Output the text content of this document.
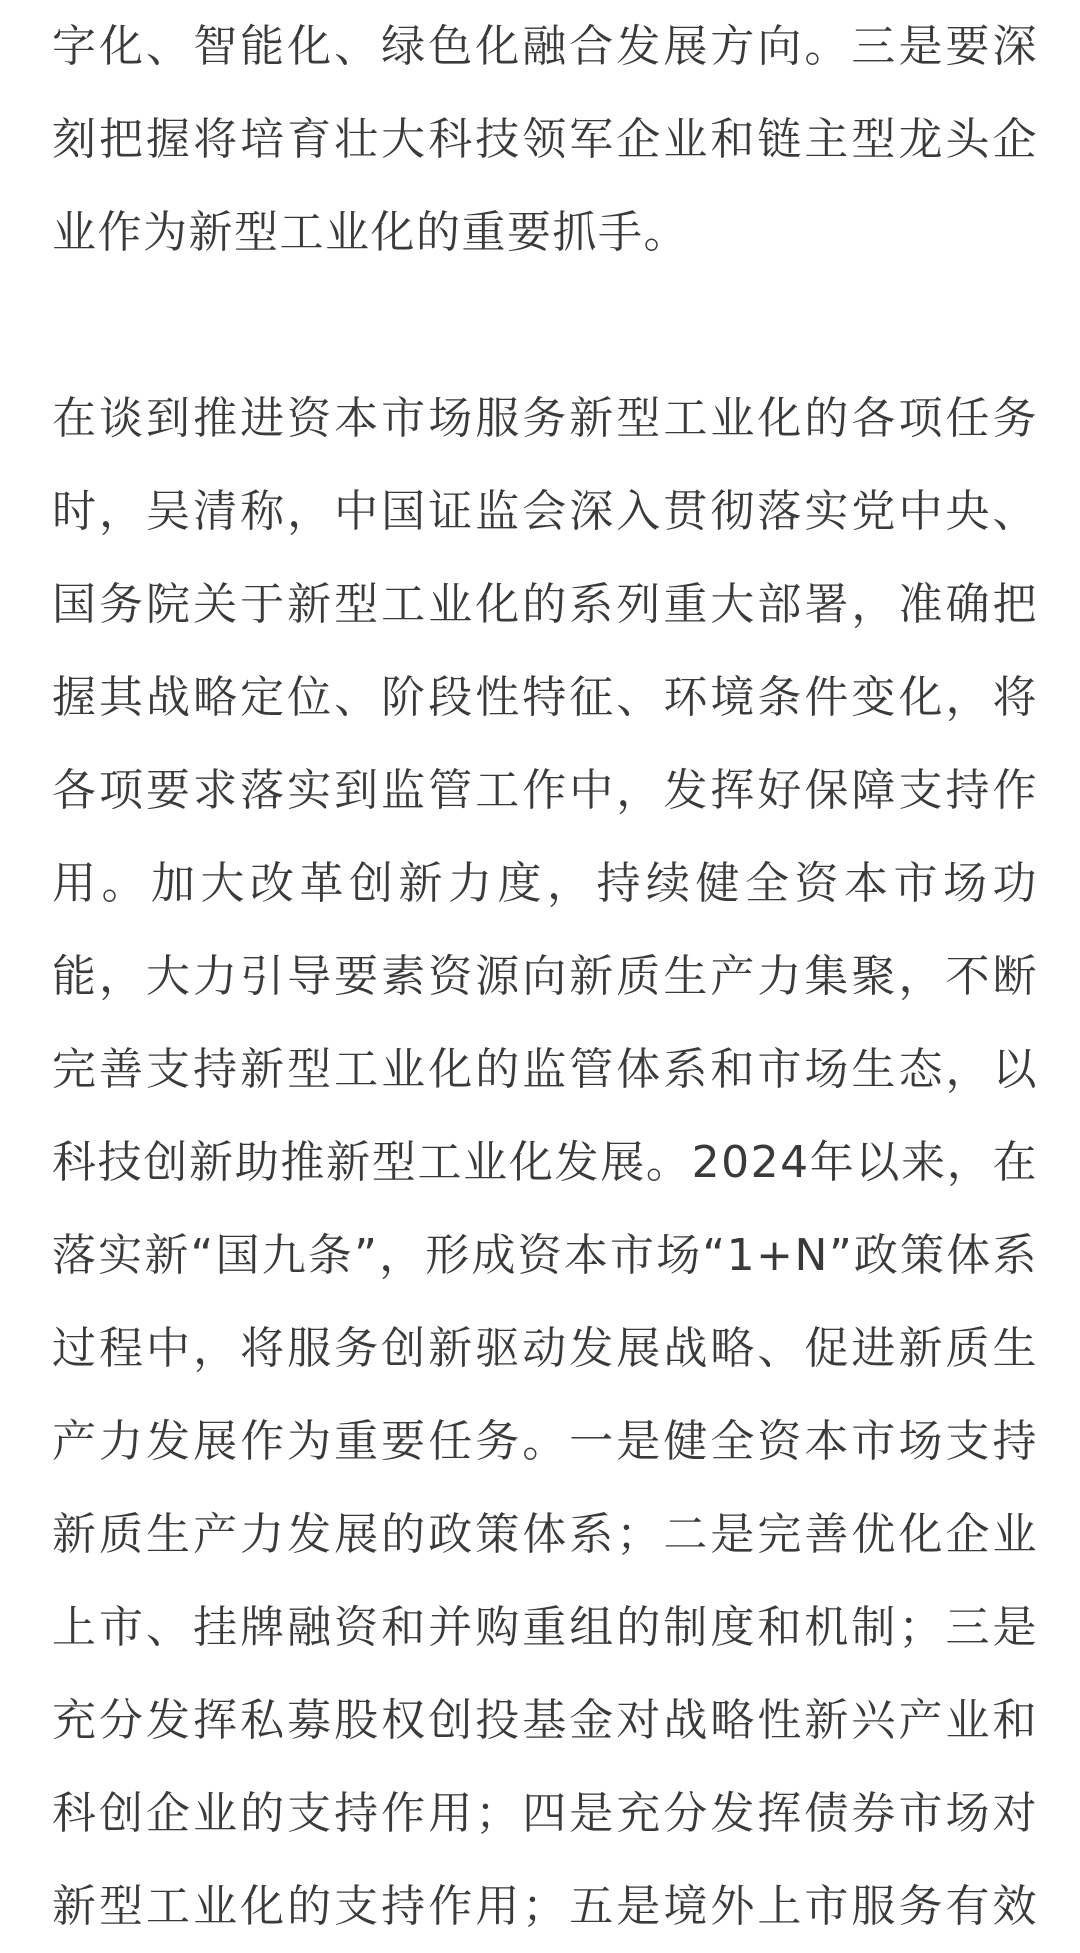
字化、智能化、绿色化融合发展方向。三是要深
刻把握将培育壮大科技领军企业和链主型龙头企
业作为新型工业化的重要抓手。
在谈到推进资本市场服务新型工业化的各项任务
时，吴清称，中国证监会深入贯彻落实党中央、
国务院关于新型工业化的系列重大部署，准确把
握其战略定位、阶段性特征、环境条件变化，将
各项要求落实到监管工作中，发挥好保障支持作
用。加大改革创新力度，持续健全资本市场功
能，大力引导要素资源向新质生产力集聚，不断
完善支持新型工业化的监管体系和市场生态，以
科技创新助推新型工业化发展。2024年以来，在
落实新“国九条”，形成资本市场“1+N”政策体系
过程中，将服务创新驱动发展战略、促进新质生
产力发展作为重要任务。一是健全资本市场支持
新质生产力发展的政策体系；二是完善优化企业
上市、挂牌融资和并购重组的制度和机制；三是
充分发挥私募股权创投基金对战略性新兴产业和
科创企业的支持作用；四是充分发挥债券市场对
新型工业化的支持作用；五是境外上市服务有效
